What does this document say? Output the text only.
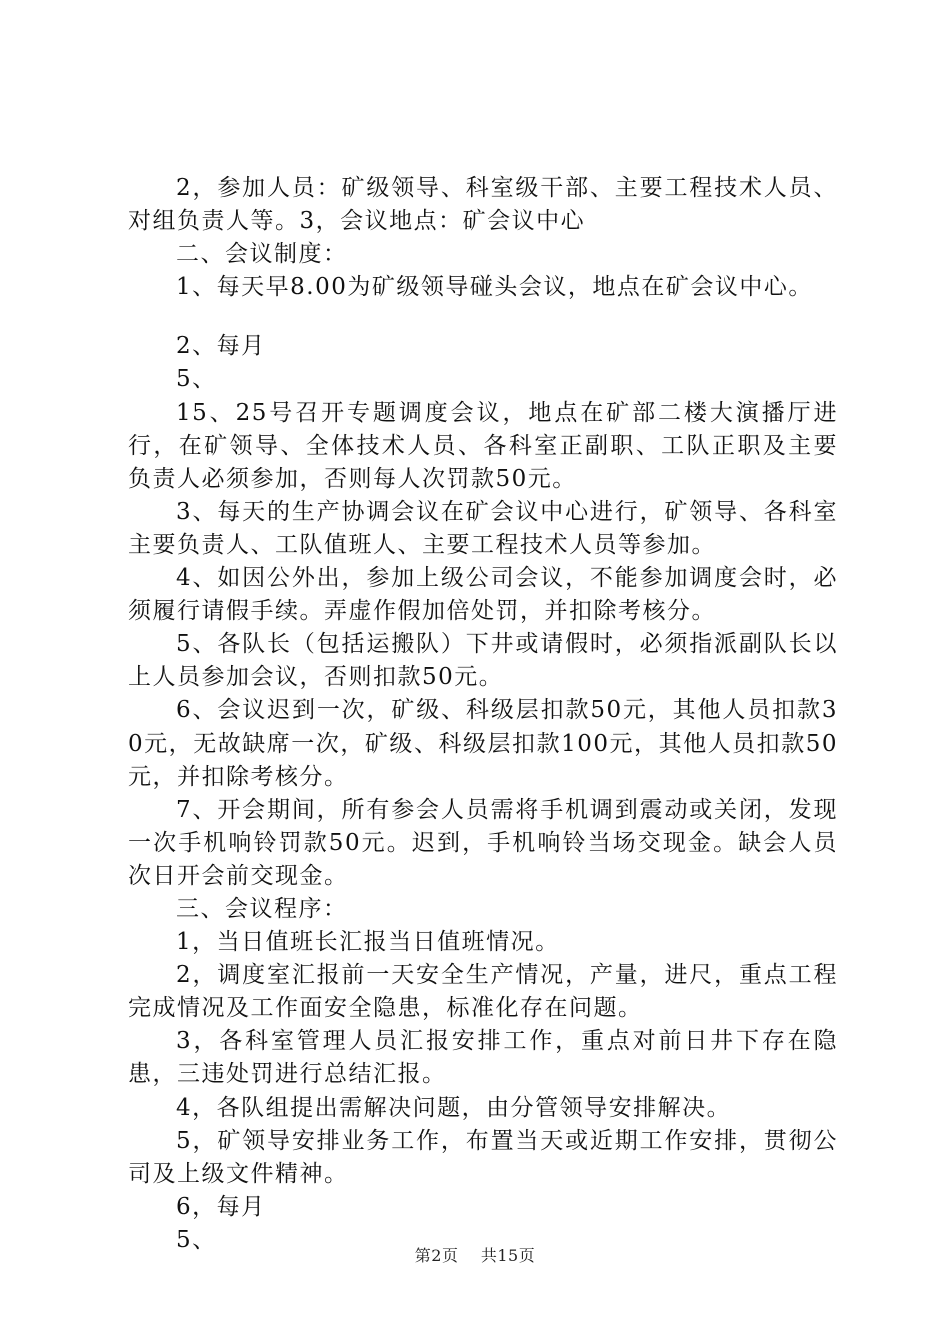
2，参加人员：矿级领导、科室级干部、主要工程技术人员、对组负责人等。3，会议地点：矿会议中心

二、会议制度：

1、每天早8.00为矿级领导碰头会议，地点在矿会议中心。

2、每月

5、

15、25号召开专题调度会议，地点在矿部二楼大演播厅进行，在矿领导、全体技术人员、各科室正副职、工队正职及主要负责人必须参加，否则每人次罚款50元。

3、每天的生产协调会议在矿会议中心进行，矿领导、各科室主要负责人、工队值班人、主要工程技术人员等参加。

4、如因公外出，参加上级公司会议，不能参加调度会时，必须履行请假手续。弄虚作假加倍处罚，并扣除考核分。

5、各队长（包括运搬队）下井或请假时，必须指派副队长以上人员参加会议，否则扣款50元。

6、会议迟到一次，矿级、科级层扣款50元，其他人员扣款30元，无故缺席一次，矿级、科级层扣款100元，其他人员扣款50元，并扣除考核分。

7、开会期间，所有参会人员需将手机调到震动或关闭，发现一次手机响铃罚款50元。迟到，手机响铃当场交现金。缺会人员次日开会前交现金。

三、会议程序：

1，当日值班长汇报当日值班情况。

2，调度室汇报前一天安全生产情况，产量，进尺，重点工程完成情况及工作面安全隐患，标准化存在问题。

3，各科室管理人员汇报安排工作，重点对前日井下存在隐患，三违处罚进行总结汇报。

4，各队组提出需解决问题，由分管领导安排解决。

5，矿领导安排业务工作，布置当天或近期工作安排，贯彻公司及上级文件精神。

6，每月

5、

第2页 共15页
